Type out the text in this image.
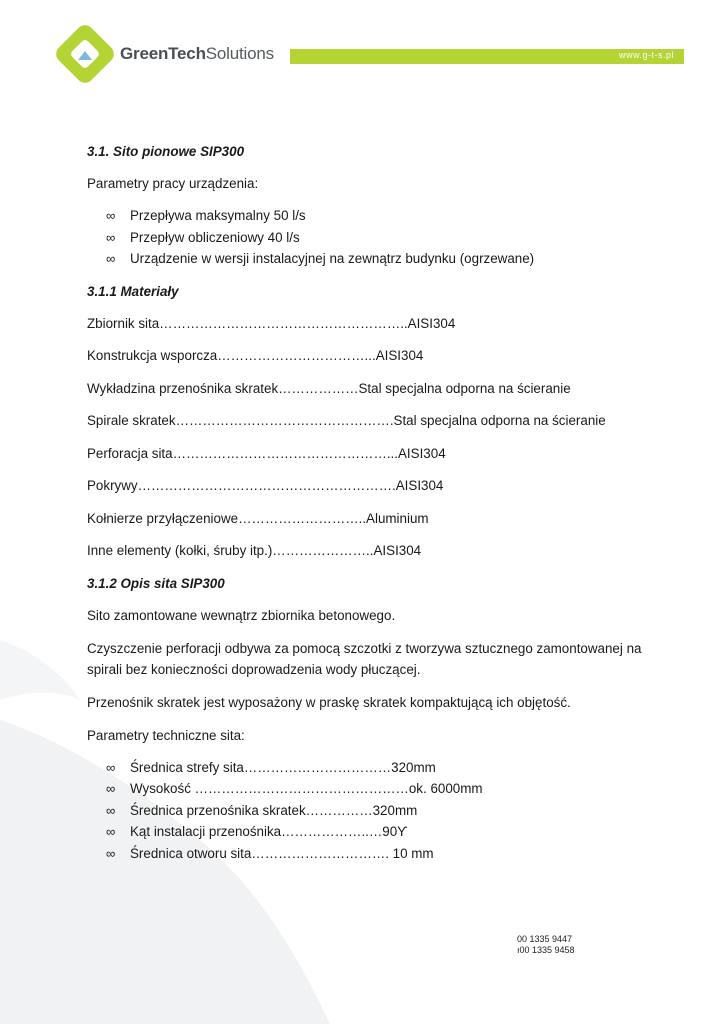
GreenTechSolutions	www.g-t-s.pl
3.1. Sito pionowe SIP300
Parametry pracy urządzenia:
∞ Przepływa maksymalny 50 l/s
∞ Przepływ obliczeniowy 40 l/s
∞ Urządzenie w wersji instalacyjnej na zewnątrz budynku (ogrzewane)
3.1.1 Materiały
Zbiornik sita………………………………………………..AISI304
Konstrukcja wsporcza……………………………...AISI304
Wykładzina przenośnika skratek………………Stal specjalna odporna na ścieranie
Spirale skratek………………………………………….Stal specjalna odporna na ścieranie
Perforacja sita…………………………………………...AISI304
Pokrywy………………………………………………….AISI304
Kołnierze przyłączeniowe………………………..Aluminium
Inne elementy (kołki, śruby itp.)…………………..AISI304
3.1.2 Opis sita SIP300
Sito zamontowane wewnątrz zbiornika betonowego.
Czyszczenie perforacji odbywa za pomocą szczotki z tworzywa sztucznego zamontowanej na spirali bez konieczności doprowadzenia wody płuczącej.
Przenośnik skratek jest wyposażony w praskę skratek kompaktującą ich objętość.
Parametry techniczne sita:
∞ Średnica strefy sita……………………………320mm
∞ Wysokość …………………………………………ok. 6000mm
∞ Średnica przenośnika skratek……………320mm
∞ Kąt instalacji przenośnika………………..…90ϒ
∞ Średnica otworu sita…………………………. 10 mm
00 1335 9447
ı00 1335 9458
